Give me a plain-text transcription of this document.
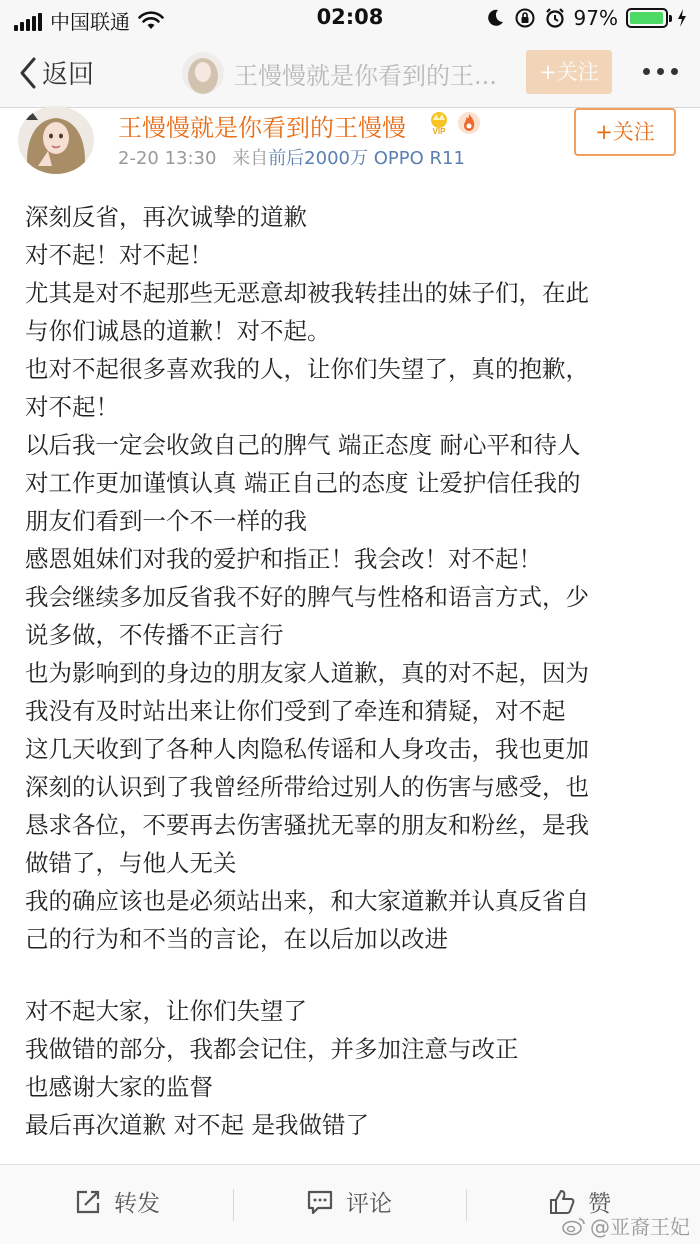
中国联通	02:08	97%
返回	王慢慢就是你看到的王...	+关注
王慢慢就是你看到的王慢慢	VIP
2-20 13:30 来自前后2000万 OPPO R11
+关注

深刻反省，再次诚挚的道歉

对不起！对不起！

尤其是对不起那些无恶意却被我转挂出的妹子们，在此

与你们诚恳的道歉！对不起。

也对不起很多喜欢我的人，让你们失望了，真的抱歉，

对不起！

以后我一定会收敛自己的脾气 端正态度 耐心平和待人

对工作更加谨慎认真 端正自己的态度 让爱护信任我的

朋友们看到一个不一样的我

感恩姐妹们对我的爱护和指正！我会改！对不起！

我会继续多加反省我不好的脾气与性格和语言方式，少

说多做，不传播不正言行

也为影响到的身边的朋友家人道歉，真的对不起，因为

我没有及时站出来让你们受到了牵连和猜疑，对不起

这几天收到了各种人肉隐私传谣和人身攻击，我也更加

深刻的认识到了我曾经所带给过别人的伤害与感受，也

恳求各位，不要再去伤害骚扰无辜的朋友和粉丝，是我

做错了，与他人无关

我的确应该也是必须站出来，和大家道歉并认真反省自

己的行为和不当的言论，在以后加以改进

对不起大家，让你们失望了

我做错的部分，我都会记住，并多加注意与改正

也感谢大家的监督

最后再次道歉 对不起 是我做错了

转发	评论	赞
@亚裔王妃
